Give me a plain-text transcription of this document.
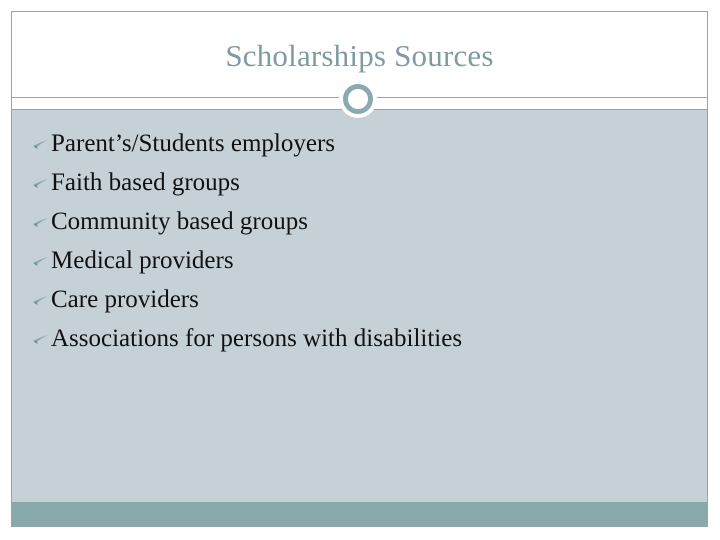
Scholarships Sources
Parent’s/Students employers
Faith based groups
Community based groups
Medical providers
Care providers
Associations for persons with disabilities
